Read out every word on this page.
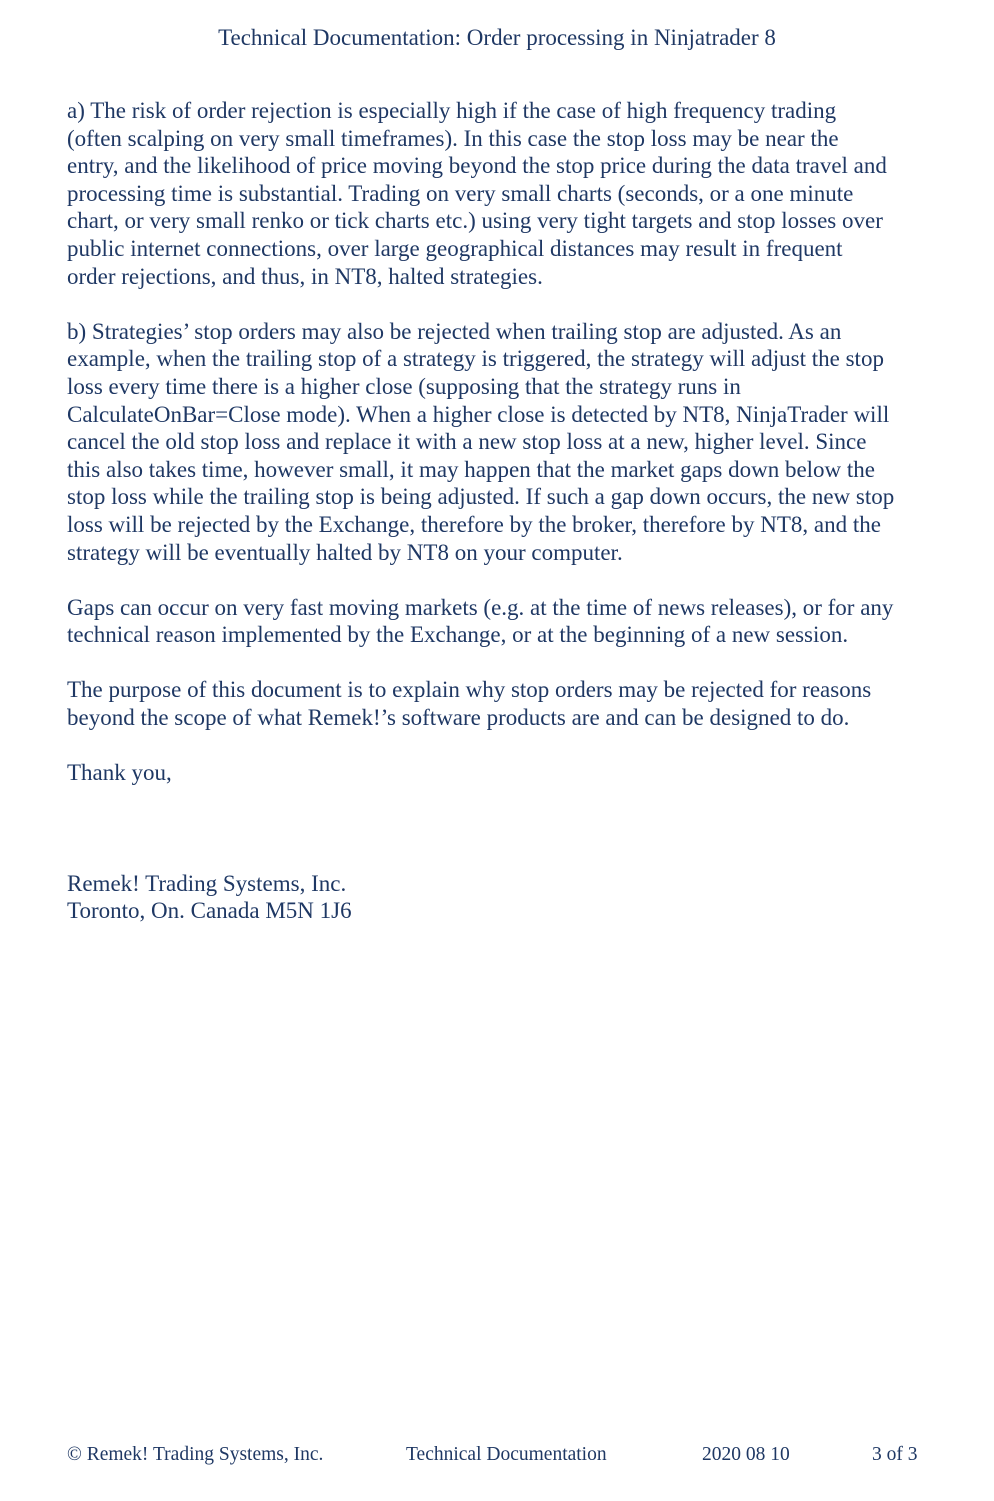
Technical Documentation: Order processing in Ninjatrader 8

a) The risk of order rejection is especially high if the case of high frequency trading
(often scalping on very small timeframes). In this case the stop loss may be near the
entry, and the likelihood of price moving beyond the stop price during the data travel and
processing time is substantial. Trading on very small charts (seconds, or a one minute
chart, or very small renko or tick charts etc.) using very tight targets and stop losses over
public internet connections, over large geographical distances may result in frequent
order rejections, and thus, in NT8, halted strategies.

b) Strategies’ stop orders may also be rejected when trailing stop are adjusted. As an
example, when the trailing stop of a strategy is triggered, the strategy will adjust the stop
loss every time there is a higher close (supposing that the strategy runs in
CalculateOnBar=Close mode). When a higher close is detected by NT8, NinjaTrader will
cancel the old stop loss and replace it with a new stop loss at a new, higher level. Since
this also takes time, however small, it may happen that the market gaps down below the
stop loss while the trailing stop is being adjusted. If such a gap down occurs, the new stop
loss will be rejected by the Exchange, therefore by the broker, therefore by NT8, and the
strategy will be eventually halted by NT8 on your computer.

Gaps can occur on very fast moving markets (e.g. at the time of news releases), or for any
technical reason implemented by the Exchange, or at the beginning of a new session.

The purpose of this document is to explain why stop orders may be rejected for reasons
beyond the scope of what Remek!’s software products are and can be designed to do.

Thank you,

Remek! Trading Systems, Inc.
Toronto, On. Canada M5N 1J6

© Remek! Trading Systems, Inc.	Technical Documentation	2020 08 10	3 of 3
